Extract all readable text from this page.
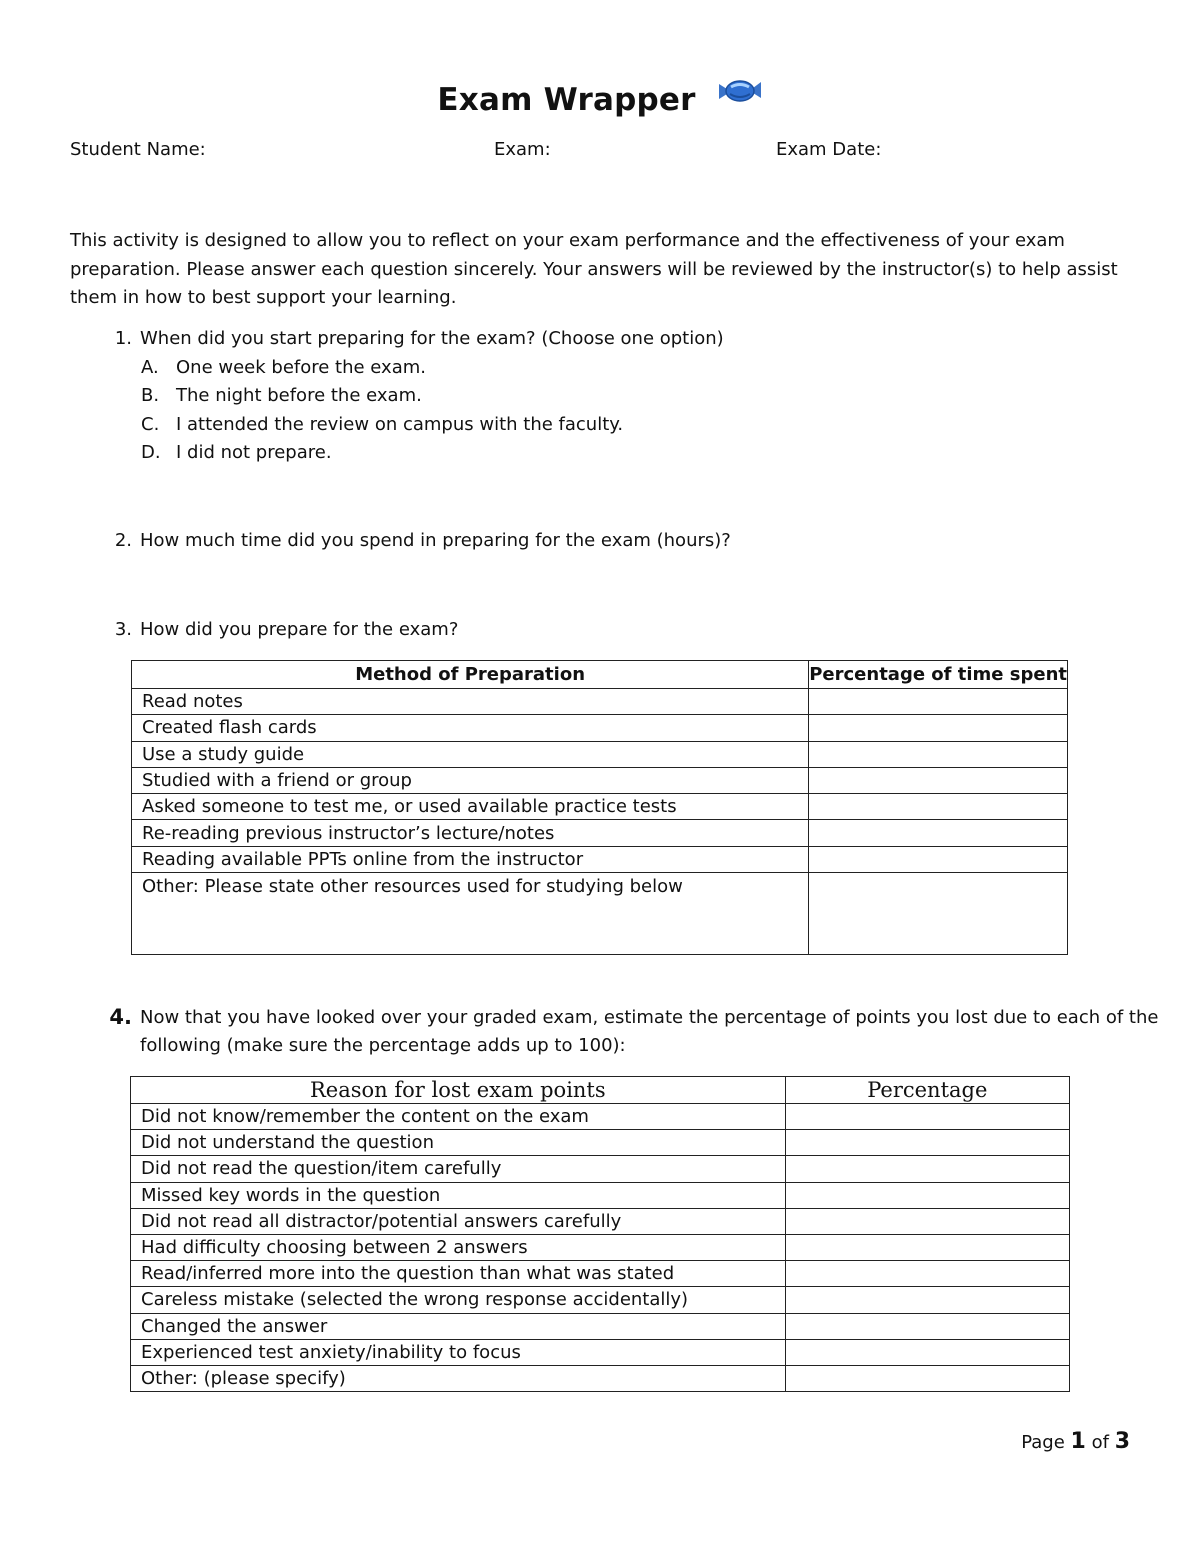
Exam Wrapper
Student Name:	Exam:	Exam Date:
This activity is designed to allow you to reflect on your exam performance and the effectiveness of your exam preparation. Please answer each question sincerely. Your answers will be reviewed by the instructor(s) to help assist them in how to best support your learning.
1. When did you start preparing for the exam? (Choose one option)
A. One week before the exam.
B. The night before the exam.
C. I attended the review on campus with the faculty.
D. I did not prepare.
2. How much time did you spend in preparing for the exam (hours)?
3. How did you prepare for the exam?
Method of Preparation	Percentage of time spent
Read notes	
Created flash cards	
Use a study guide	
Studied with a friend or group	
Asked someone to test me, or used available practice tests	
Re-reading previous instructor’s lecture/notes	
Reading available PPTs online from the instructor	
Other: Please state other resources used for studying below	
4. Now that you have looked over your graded exam, estimate the percentage of points you lost due to each of the
following (make sure the percentage adds up to 100):
Reason for lost exam points	Percentage
Did not know/remember the content on the exam	
Did not understand the question	
Did not read the question/item carefully	
Missed key words in the question	
Did not read all distractor/potential answers carefully	
Had difficulty choosing between 2 answers	
Read/inferred more into the question than what was stated	
Careless mistake (selected the wrong response accidentally)	
Changed the answer	
Experienced test anxiety/inability to focus	
Other: (please specify)	
Page 1 of 3
